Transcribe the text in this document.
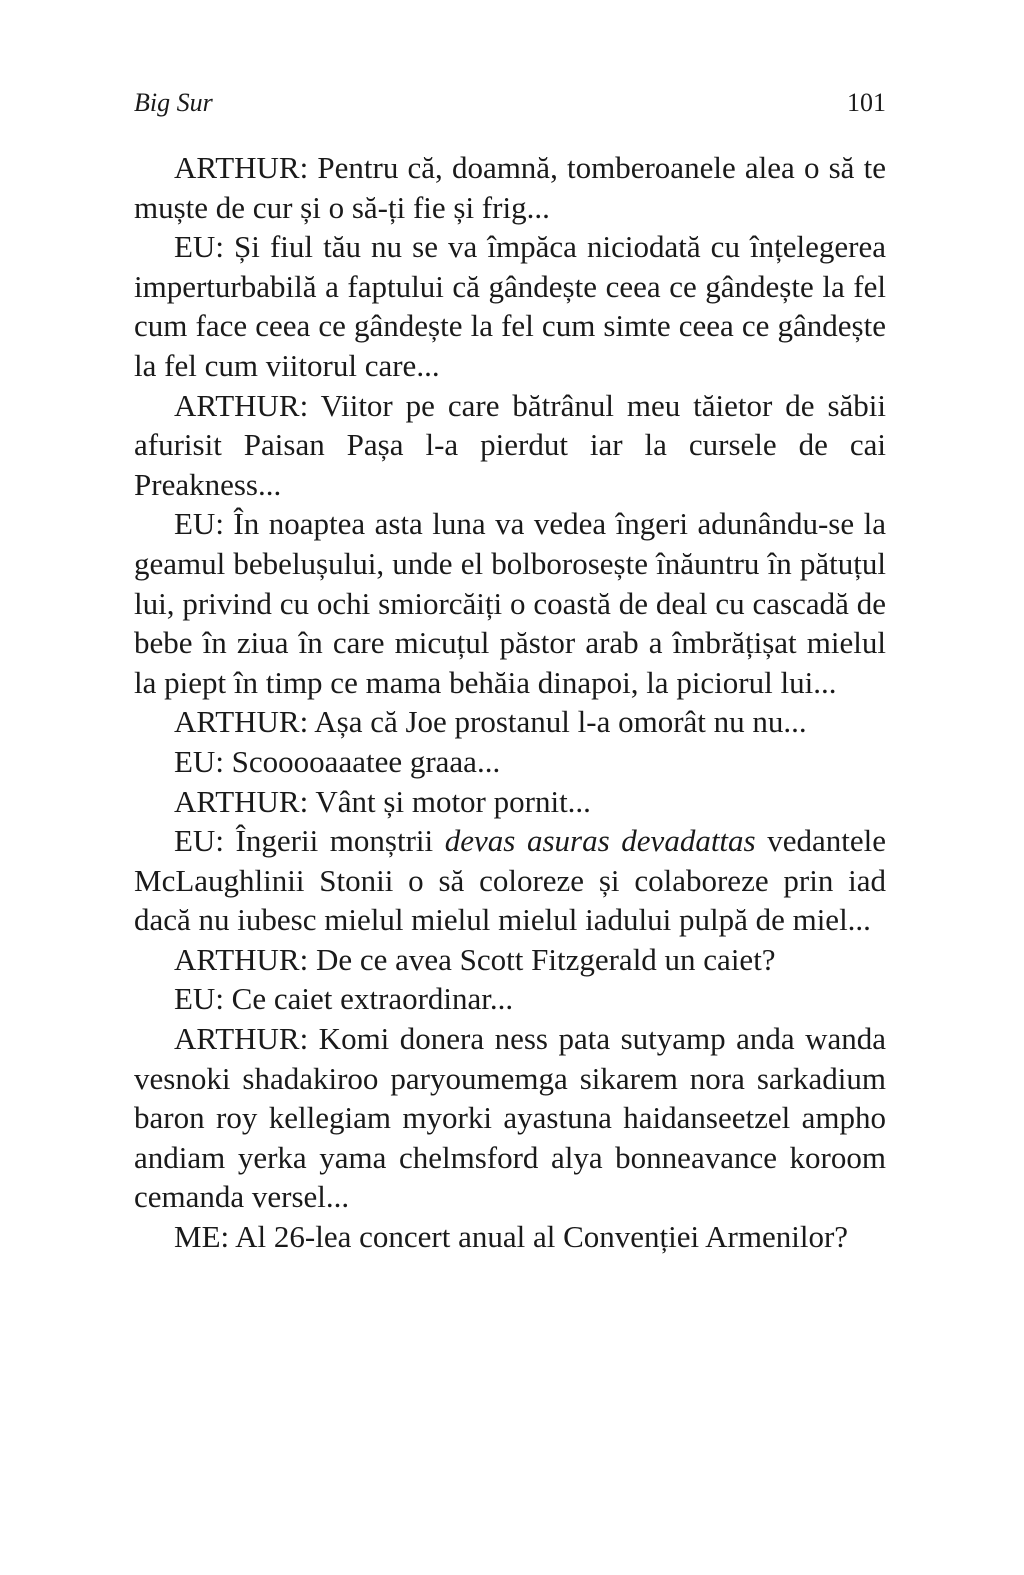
Big Sur	101

ARTHUR: Pentru că, doamnă, tomberoanele alea o să te muște de cur și o să-ți fie și frig...

EU: Și fiul tău nu se va împăca niciodată cu înțelegerea imperturbabilă a faptului că gândește ceea ce gândește la fel cum face ceea ce gândește la fel cum simte ceea ce gândește la fel cum viitorul care...

ARTHUR: Viitor pe care bătrânul meu tăietor de săbii afurisit Paisan Pașa l-a pierdut iar la cursele de cai Preakness...

EU: În noaptea asta luna va vedea îngeri adunându-se la geamul bebelușului, unde el bolborosește înăuntru în pătuțul lui, privind cu ochi smiorcăiți o coastă de deal cu cascadă de bebe în ziua în care micuțul păstor arab a îmbrățișat mielul la piept în timp ce mama behăia dinapoi, la piciorul lui...

ARTHUR: Așa că Joe prostanul l-a omorât nu nu...

EU: Scooooaaatee graaa...

ARTHUR: Vânt și motor pornit...

EU: Îngerii monștrii devas asuras devadattas vedantele McLaughlinii Stonii o să coloreze și colaboreze prin iad dacă nu iubesc mielul mielul mielul iadului pulpă de miel...

ARTHUR: De ce avea Scott Fitzgerald un caiet?

EU: Ce caiet extraordinar...

ARTHUR: Komi donera ness pata sutyamp anda wanda vesnoki shadakiroo paryoumemga sikarem nora sarkadium baron roy kellegiam myorki ayastuna haidanseetzel ampho andiam yerka yama chelmsford alya bonneavance koroom cemanda versel...

ME: Al 26-lea concert anual al Convenției Armenilor?
